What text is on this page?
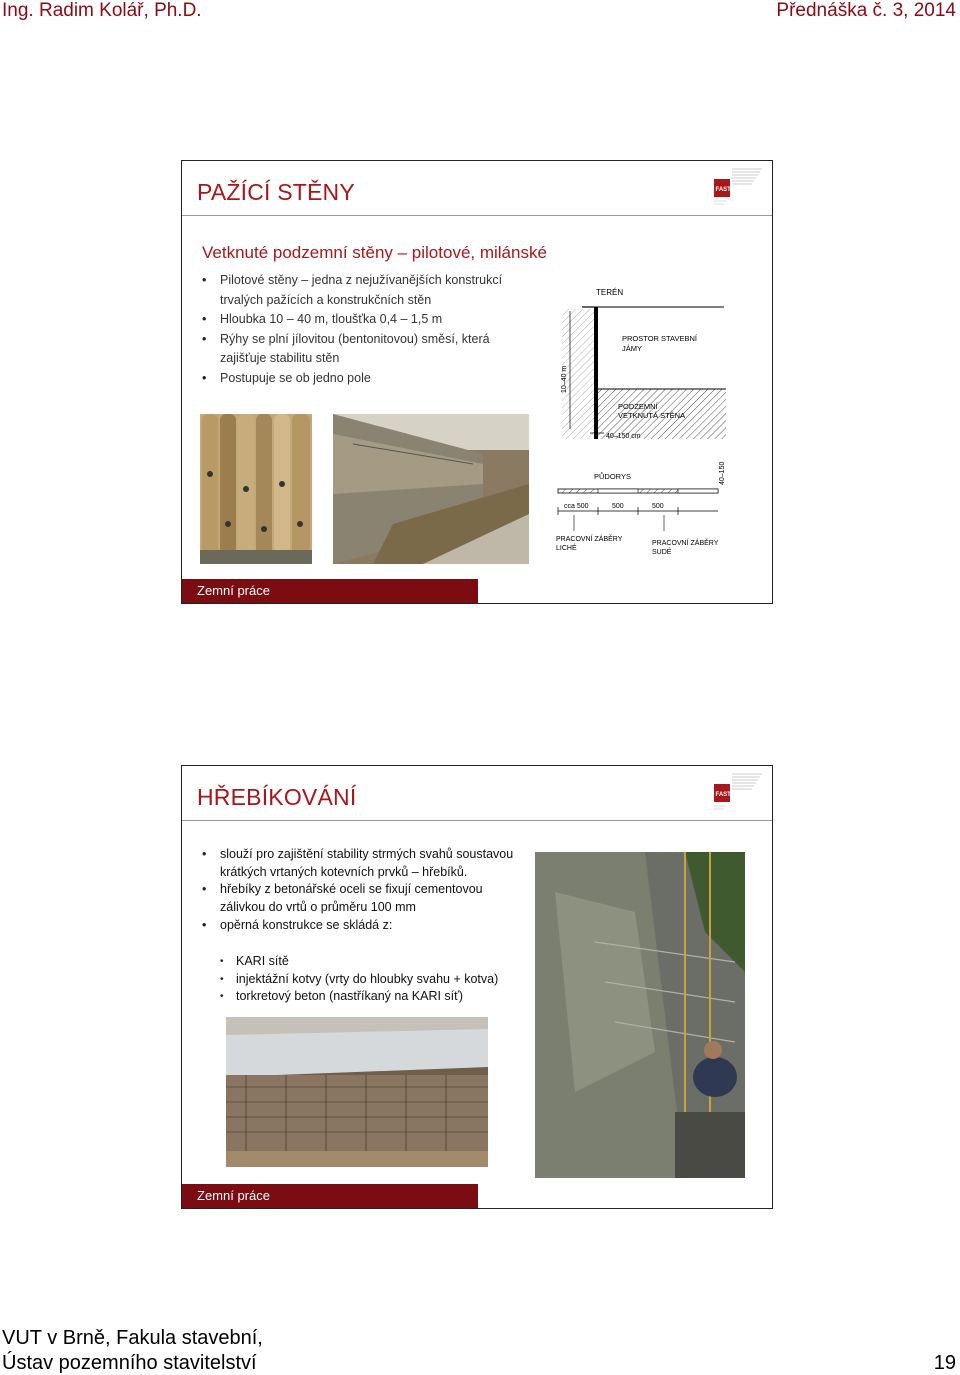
Ing. Radim Kolář, Ph.D.	Přednáška č. 3, 2014
PAŽÍCÍ STĚNY	FAST
Vetknuté podzemní stěny – pilotové, milánské
• Pilotové stěny – jedna z nejužívanějších konstrukcí trvalých pažících a konstrukčních stěn
• Hloubka 10 – 40 m, tloušťka 0,4 – 1,5 m
• Rýhy se plní jílovitou (bentonitovou) směsí, která zajišťuje stabilitu stěn
• Postupuje se ob jedno pole
TERÉN
PROSTOR STAVEBNÍ
JÁMY
PODZEMNÍ
VETKNUTÁ STĚNA
10–40 m
40–150 cm
PŮDORYS	40–150
cca 500	500	500
PRACOVNÍ ZÁBĚRY
LICHÉ
PRACOVNÍ ZÁBĚRY
SUDÉ
Zemní práce
HŘEBÍKOVÁNÍ	FAST
• slouží pro zajištění stability strmých svahů soustavou krátkých vrtaných kotevních prvků – hřebíků.
• hřebíky z betonářské oceli se fixují cementovou zálivkou do vrtů o průměru 100 mm
• opěrná konstrukce se skládá z:
• KARI sítě
• injektážní kotvy (vrty do hloubky svahu + kotva)
• torkretový beton (nastříkaný na KARI síť)
Zemní práce
VUT v Brně, Fakula stavební,
Ústav pozemního stavitelství	19
